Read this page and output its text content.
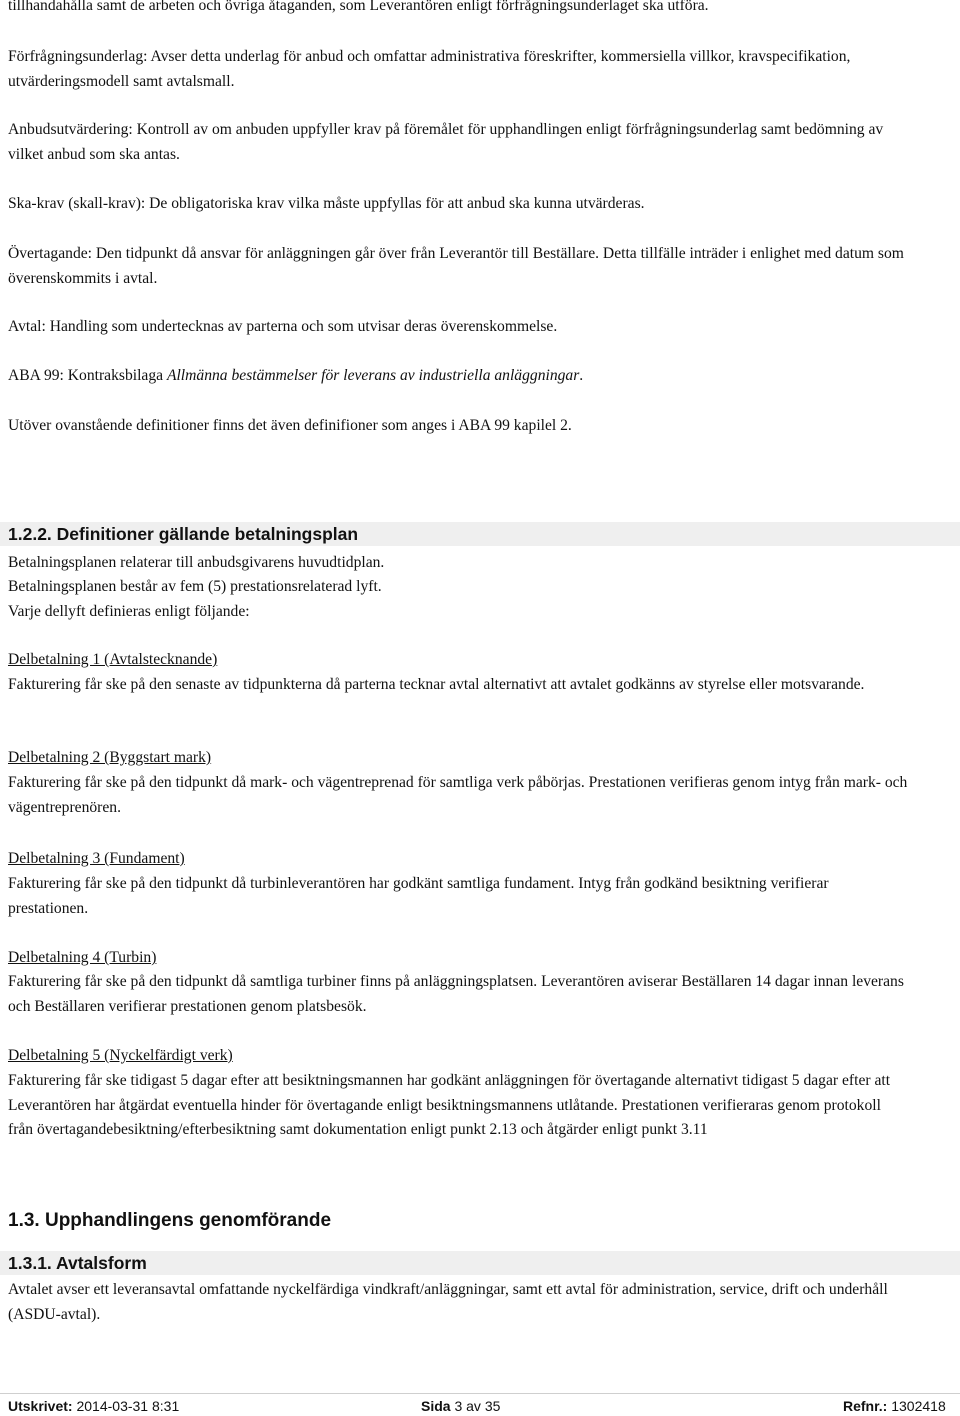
tillhandahålla samt de arbeten och övriga åtaganden, som Leverantören enligt förfrågningsunderlaget ska utföra.
Förfrågningsunderlag: Avser detta underlag för anbud och omfattar administrativa föreskrifter, kommersiella villkor, kravspecifikation, utvärderingsmodell samt avtalsmall.
Anbudsutvärdering: Kontroll av om anbuden uppfyller krav på föremålet för upphandlingen enligt förfrågningsunderlag samt bedömning av vilket anbud som ska antas.
Ska-krav (skall-krav): De obligatoriska krav vilka måste uppfyllas för att anbud ska kunna utvärderas.
Övertagande: Den tidpunkt då ansvar för anläggningen går över från Leverantör till Beställare. Detta tillfälle inträder i enlighet med datum som överenskommits i avtal.
Avtal: Handling som undertecknas av parterna och som utvisar deras överenskommelse.
ABA 99: Kontraksbilaga Allmänna bestämmelser för leverans av industriella anläggningar.
Utöver ovanstående definitioner finns det även definifioner som anges i ABA 99 kapilel 2.
1.2.2. Definitioner gällande betalningsplan
Betalningsplanen relaterar till anbudsgivarens huvudtidplan.
Betalningsplanen består av fem (5) prestationsrelaterad lyft.
Varje dellyft definieras enligt följande:
Delbetalning 1 (Avtalstecknande)
Fakturering får ske på den senaste av tidpunkterna då parterna tecknar avtal alternativt att avtalet godkänns av styrelse eller motsvarande.
Delbetalning 2 (Byggstart mark)
Fakturering får ske på den tidpunkt då mark- och vägentreprenad för samtliga verk påbörjas. Prestationen verifieras genom intyg från mark- och vägentreprenören.
Delbetalning 3 (Fundament)
Fakturering får ske på den tidpunkt då turbinleverantören har godkänt samtliga fundament. Intyg från godkänd besiktning verifierar prestationen.
Delbetalning 4 (Turbin)
Fakturering får ske på den tidpunkt då samtliga turbiner finns på anläggningsplatsen. Leverantören aviserar Beställaren 14 dagar innan leverans och Beställaren verifierar prestationen genom platsbesök.
Delbetalning 5 (Nyckelfärdigt verk)
Fakturering får ske tidigast 5 dagar efter att besiktningsmannen har godkänt anläggningen för övertagande alternativt tidigast 5 dagar efter att Leverantören har åtgärdat eventuella hinder för övertagande enligt besiktningsmannens utlåtande. Prestationen verifieraras genom protokoll från övertagandebesiktning/efterbesiktning samt dokumentation enligt punkt 2.13 och åtgärder enligt punkt 3.11
1.3. Upphandlingens genomförande
1.3.1. Avtalsform
Avtalet avser ett leveransavtal omfattande nyckelfärdiga vindkraft/anläggningar, samt ett avtal för administration, service, drift och underhåll (ASDU-avtal).
Utskrivet: 2014-03-31 8:31	Sida 3 av 35	Refnr.: 1302418
